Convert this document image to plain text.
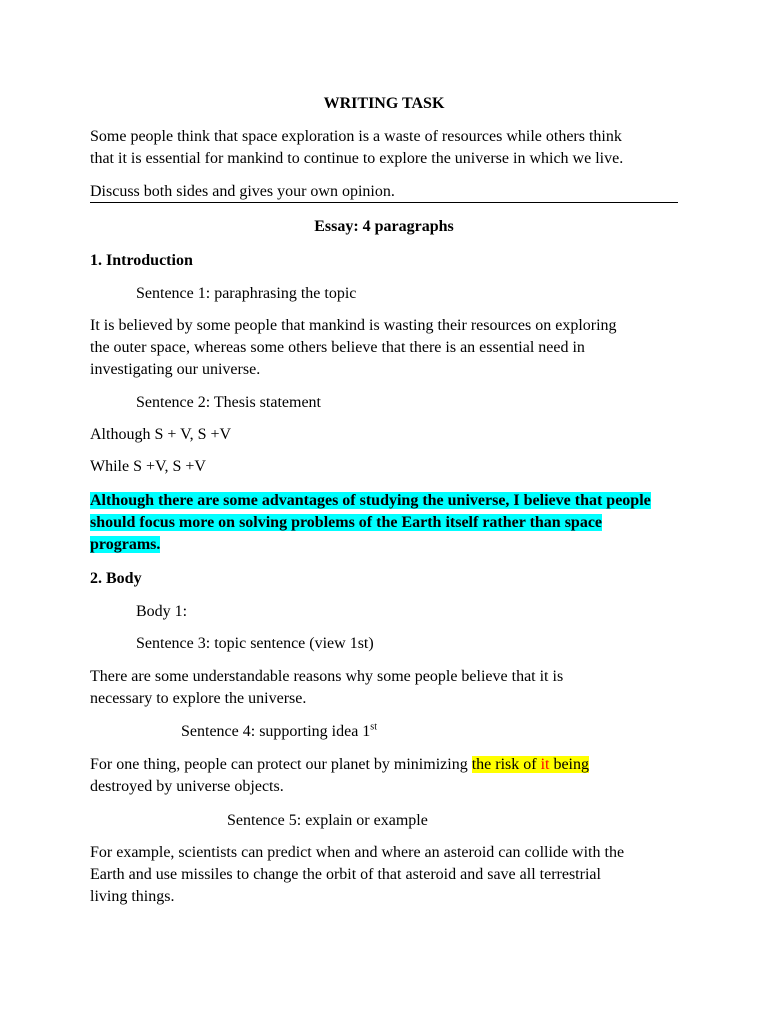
WRITING TASK
Some people think that space exploration is a waste of resources while others think
that it is essential for mankind to continue to explore the universe in which we live.
Discuss both sides and gives your own opinion.
Essay: 4 paragraphs
1. Introduction
Sentence 1: paraphrasing the topic
It is believed by some people that mankind is wasting their resources on exploring
the outer space, whereas some others believe that there is an essential need in
investigating our universe.
Sentence 2: Thesis statement
Although S + V, S +V
While S +V, S +V
Although there are some advantages of studying the universe, I believe that people
should focus more on solving problems of the Earth itself rather than space
programs.
2. Body
Body 1:
Sentence 3: topic sentence (view 1st)
There are some understandable reasons why some people believe that it is
necessary to explore the universe.
Sentence 4: supporting idea 1st
For one thing, people can protect our planet by minimizing the risk of it being
destroyed by universe objects.
Sentence 5: explain or example
For example, scientists can predict when and where an asteroid can collide with the
Earth and use missiles to change the orbit of that asteroid and save all terrestrial
living things.
